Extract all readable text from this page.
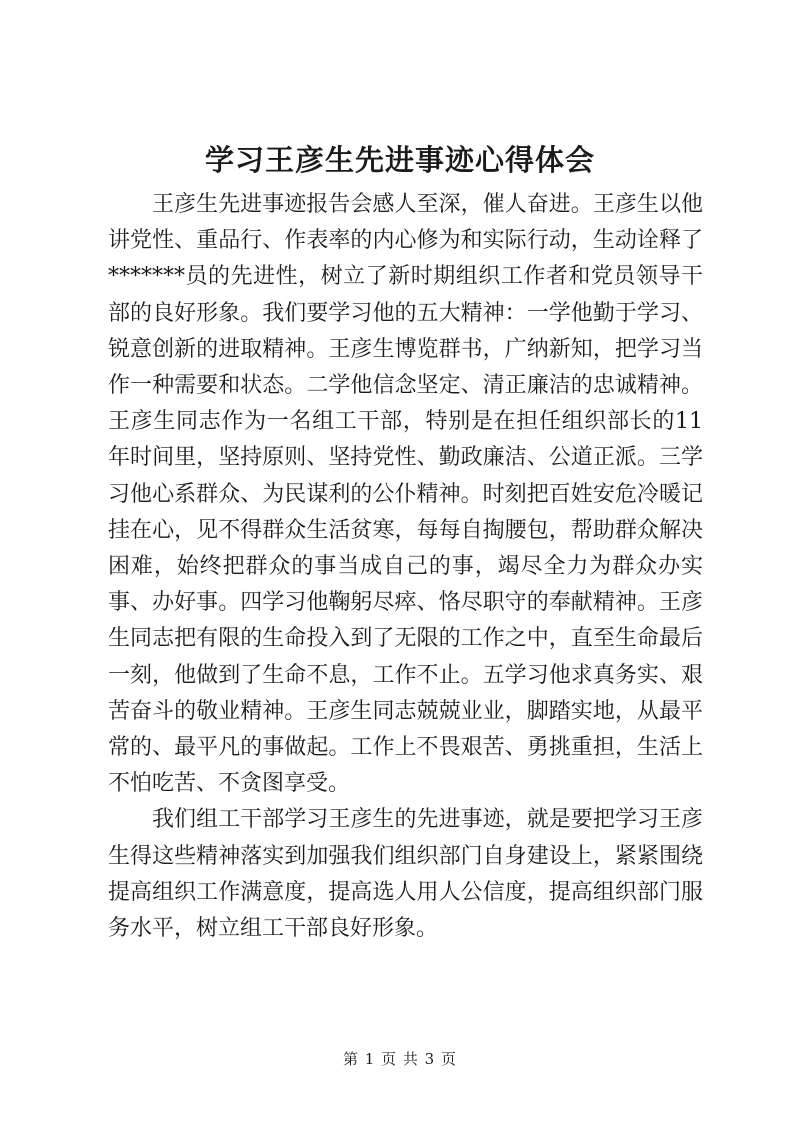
学习王彦生先进事迹心得体会

王彦生先进事迹报告会感人至深，催人奋进。王彦生以他讲党性、重品行、作表率的内心修为和实际行动，生动诠释了*******员的先进性，树立了新时期组织工作者和党员领导干部的良好形象。我们要学习他的五大精神：一学他勤于学习、锐意创新的进取精神。王彦生博览群书，广纳新知，把学习当作一种需要和状态。二学他信念坚定、清正廉洁的忠诚精神。王彦生同志作为一名组工干部，特别是在担任组织部长的11年时间里，坚持原则、坚持党性、勤政廉洁、公道正派。三学习他心系群众、为民谋利的公仆精神。时刻把百姓安危冷暖记挂在心，见不得群众生活贫寒，每每自掏腰包，帮助群众解决困难，始终把群众的事当成自己的事，竭尽全力为群众办实事、办好事。四学习他鞠躬尽瘁、恪尽职守的奉献精神。王彦生同志把有限的生命投入到了无限的工作之中，直至生命最后一刻，他做到了生命不息，工作不止。五学习他求真务实、艰苦奋斗的敬业精神。王彦生同志兢兢业业，脚踏实地，从最平常的、最平凡的事做起。工作上不畏艰苦、勇挑重担，生活上不怕吃苦、不贪图享受。

我们组工干部学习王彦生的先进事迹，就是要把学习王彦生得这些精神落实到加强我们组织部门自身建设上，紧紧围绕提高组织工作满意度，提高选人用人公信度，提高组织部门服务水平，树立组工干部良好形象。

第 1 页 共 3 页
